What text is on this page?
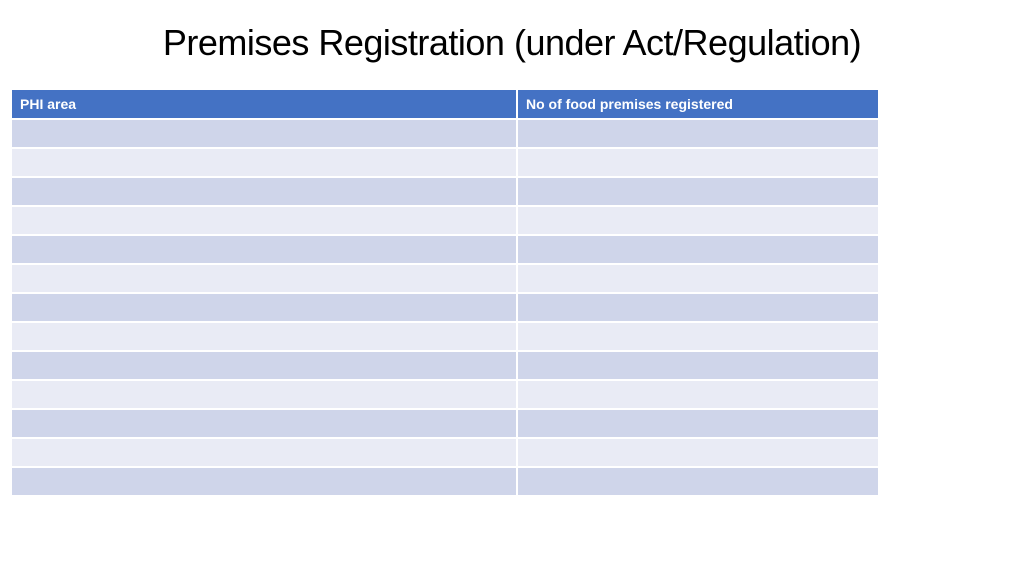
Premises Registration (under Act/Regulation)
PHI area	No of food premises registered
